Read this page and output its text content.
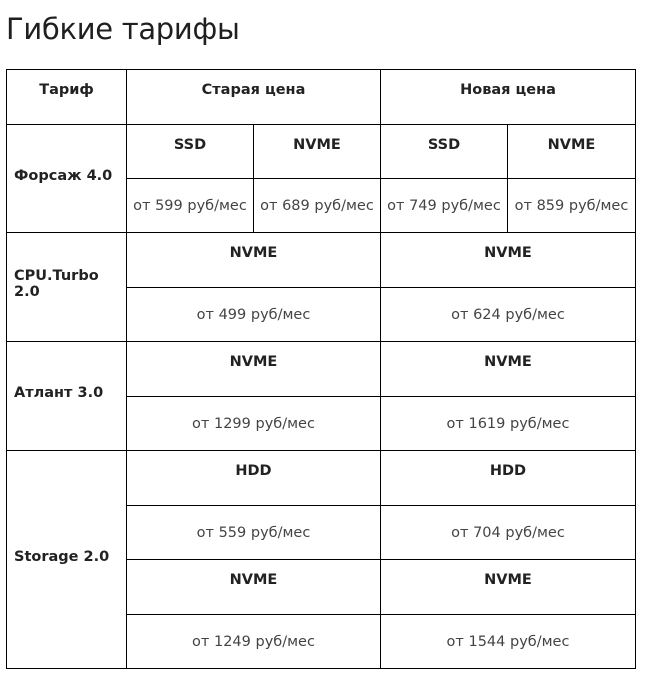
Гибкие тарифы
Тариф	Старая цена		Новая цена	
Форсаж 4.0	SSD	NVME	SSD	NVME
	от 599 руб/мес	от 689 руб/мес	от 749 руб/мес	от 859 руб/мес
CPU.Turbo 2.0	NVME		NVME	
	от 499 руб/мес		от 624 руб/мес	
Атлант 3.0	NVME		NVME	
	от 1299 руб/мес		от 1619 руб/мес	
Storage 2.0	HDD		HDD	
	от 559 руб/мес		от 704 руб/мес	
	NVME		NVME	
	от 1249 руб/мес		от 1544 руб/мес	
